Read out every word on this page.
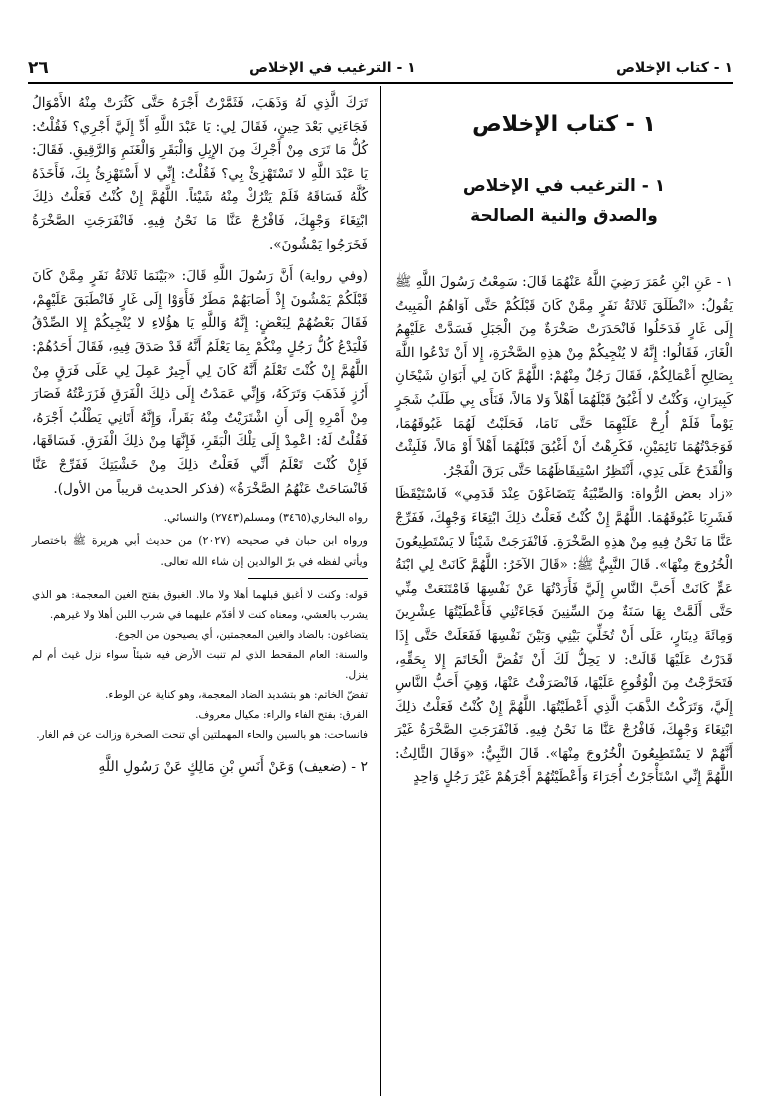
١ - كتاب الإخلاص
١ - الترغيب في الإخلاص
٢٦
١ - كتاب الإخلاص
١ - الترغيب في الإخلاص
والصدق والنية الصالحة

١ - عَنِ ابْنِ عُمَرَ رَضِيَ اللَّهُ عَنْهُمَا قَالَ: سَمِعْتُ رَسُولَ اللَّهِ ﷺ يَقُولُ: «انْطَلَقَ ثَلاثَةُ نَفَرٍ مِمَّنْ كَانَ قَبْلَكُمْ حَتَّى آوَاهُمُ الْمَبِيتُ إِلَى غَارٍ فَدَخَلُوا فَانْحَدَرَتْ صَخْرَةٌ مِنَ الْجَبَلِ فَسَدَّتْ عَلَيْهِمُ الْغَارَ، فَقَالُوا: إِنَّهُ لا يُنْجِيكُمْ مِنْ هذِهِ الصَّخْرَةِ، إِلا أَنْ تَدْعُوا اللَّهَ بِصَالِحِ أَعْمَالِكُمْ، فَقَالَ رَجُلٌ مِنْهُمْ: اللَّهُمَّ كَانَ لِي أَبَوَانِ شَيْخَانِ كَبِيرَانِ، وَكُنْتُ لا أَغْبُقُ قَبْلَهُمَا أَهْلاً وَلا مَالاً، فَنَأَى بِي طَلَبُ شَجَرٍ يَوْماً فَلَمْ أُرِحْ عَلَيْهِمَا حَتَّى نَامَا، فَحَلَبْتُ لَهُمَا غَبُوقَهُمَا، فَوَجَدْتُهُمَا نَائِمَيْنِ، فَكَرِهْتُ أَنْ أَغْبُقَ قَبْلَهُمَا أَهْلاً أَوْ مَالاً، فَلَبِثْتُ وَالْقَدَحُ عَلَى يَدِي، أَنْتَظِرُ اسْتِيقَاظَهُمَا حَتَّى بَرَقَ الْفَجْرُ.

«زاد بعض الرُّواة: وَالصِّبْيَةُ يَتَضَاغَوْنَ عِنْدَ قَدَمِي» فَاسْتَيْقَظَا فَشَرِبَا غَبُوقَهُمَا. اللَّهُمَّ إِنْ كُنْتُ فَعَلْتُ ذلِكَ ابْتِغَاءَ وَجْهِكَ، فَفَرِّجْ عَنَّا مَا نَحْنُ فِيهِ مِنْ هذِهِ الصَّخْرَةِ. فَانْفَرَجَتْ شَيْئاً لا يَسْتَطِيعُونَ الْخُرُوجَ مِنْهَا». قَالَ النَّبِيُّ ﷺ: «قَالَ الآخَرُ: اللَّهُمَّ كَانَتْ لِي ابْنَةُ عَمٍّ كَانَتْ أَحَبَّ النَّاسِ إِلَيَّ فَأَرَدْتُهَا عَنْ نَفْسِهَا فَامْتَنَعَتْ مِنِّي حَتَّى أَلَمَّتْ بِهَا سَنَةٌ مِنَ السِّنِينَ فَجَاءَتْنِي فَأَعْطَيْتُهَا عِشْرِينَ وَمِائَةَ دِينَارٍ، عَلَى أَنْ تُخَلِّيَ بَيْنِي وَبَيْنَ نَفْسِهَا فَفَعَلَتْ حَتَّى إِذَا قَدَرْتُ عَلَيْهَا قَالَتْ: لا يَحِلُّ لَكَ أَنْ تَفُضَّ الْخَاتَمَ إِلا بِحَقِّهِ، فَتَحَرَّجْتُ مِنَ الْوُقُوعِ عَلَيْهَا، فَانْصَرَفْتُ عَنْهَا، وَهِيَ أَحَبُّ النَّاسِ إِلَيَّ، وَتَرَكْتُ الذَّهَبَ الَّذِي أَعْطَيْتُهَا. اللَّهُمَّ إِنْ كُنْتُ فَعَلْتُ ذلِكَ ابْتِغَاءَ وَجْهِكَ، فَافْرُجْ عَنَّا مَا نَحْنُ فِيهِ. فَانْفَرَجَتِ الصَّخْرَةُ غَيْرَ أَنَّهُمْ لا يَسْتَطِيعُونَ الْخُرُوجَ مِنْهَا». قَالَ النَّبِيُّ: «وَقَالَ الثَّالِثُ: اللَّهُمَّ إِنِّي اسْتَأْجَرْتُ أُجَرَاءَ وَأَعْطَيْتُهُمْ أَجْرَهُمْ غَيْرَ رَجُلٍ وَاحِدٍ

تَرَكَ الَّذِي لَهُ وَذَهَبَ، فَثَمَّرْتُ أَجْرَهُ حَتَّى كَثُرَتْ مِنْهُ الأَمْوَالُ فَجَاءَنِي بَعْدَ حِينٍ، فَقَالَ لِي: يَا عَبْدَ اللَّهِ أَدِّ إِلَيَّ أَجْرِي؟ فَقُلْتُ: كُلُّ مَا تَرَى مِنْ أَجْرِكَ مِنَ الإِبِلِ وَالْبَقَرِ وَالْغَنَمِ وَالرَّقِيقِ. فَقَالَ: يَا عَبْدَ اللَّهِ لا تَسْتَهْزِئْ بِي؟ فَقُلْتُ: إِنِّي لا أَسْتَهْزِئُ بِكَ، فَأَخَذَهُ كُلَّهُ فَسَاقَهُ فَلَمْ يَتْرُكْ مِنْهُ شَيْئاً. اللَّهُمَّ إِنْ كُنْتُ فَعَلْتُ ذلِكَ ابْتِغَاءَ وَجْهِكَ، فَافْرُجْ عَنَّا مَا نَحْنُ فِيهِ. فَانْفَرَجَتِ الصَّخْرَةُ فَخَرَجُوا يَمْشُونَ».

(وفي رواية) أَنَّ رَسُولَ اللَّهِ قَالَ: «بَيْنَمَا ثَلاثَةُ نَفَرٍ مِمَّنْ كَانَ قَبْلَكُمْ يَمْشُونَ إِذْ أَصَابَهُمْ مَطَرٌ فَأَوَوْا إِلَى غَارٍ فَانْطَبَقَ عَلَيْهِمْ، فَقَالَ بَعْضُهُمْ لِبَعْضٍ: إِنَّهُ وَاللَّهِ يَا هؤُلاءِ لا يُنْجِيكُمْ إِلا الصِّدْقُ فَلْيَدْعُ كُلُّ رَجُلٍ مِنْكُمْ بِمَا يَعْلَمُ أَنَّهُ قَدْ صَدَقَ فِيهِ، فَقَالَ أَحَدُهُمْ: اللَّهُمَّ إِنْ كُنْتَ تَعْلَمُ أَنَّهُ كَانَ لِي أَجِيرٌ عَمِلَ لِي عَلَى فَرَقٍ مِنْ أَرُزٍ فَذَهَبَ وَتَرَكَهُ، وَإِنِّي عَمَدْتُ إِلَى ذلِكَ الْفَرَقِ فَزَرَعْتُهُ فَصَارَ مِنْ أَمْرِهِ إِلَى أَنِ اشْتَرَيْتُ مِنْهُ بَقَراً، وَإِنَّهُ أَتَانِي يَطْلُبُ أَجْرَهُ، فَقُلْتُ لَهُ: اعْمِدْ إِلَى تِلْكَ الْبَقَرِ، فَإِنَّهَا مِنْ ذلِكَ الْفَرَقِ. فَسَاقَهَا، فَإِنْ كُنْتَ تَعْلَمُ أَنِّي فَعَلْتُ ذلِكَ مِنْ خَشْيَتِكَ فَفَرِّجْ عَنَّا فَانْسَاحَتْ عَنْهُمُ الصَّخْرَةُ» (فذكر الحديث قريباً من الأول).

رواه البخاري(٣٤٦٥) ومسلم(٢٧٤٣) والنسائي.

ورواه ابن حبان في صحيحه (٢٠٢٧) من حديث أبي هريرة ﷺ باختصار ويأتي لفظه في برّ الوالدين إن شاء الله تعالى.

قوله: وكنت لا أغبق قبلهما أهلا ولا مالا. الغبوق بفتح الغين المعجمة: هو الذي يشرب بالعشي، ومعناه كنت لا أقدّم عليهما في شرب اللبن أهلا ولا غيرهم.

يتضاغون: بالضاد والغين المعجمتين، أي يصيحون من الجوع.

والسنة: العام المقحط الذي لم تنبت الأرض فيه شيئاً سواء نزل غيث أم لم ينزل.

تفضّ الخاتم: هو بتشديد الضاد المعجمة، وهو كناية عن الوطء.

الفرق: بفتح الفاء والراء: مكيال معروف.

فانساحت: هو بالسين والحاء المهملتين أي تنحت الصخرة وزالت عن فم الغار.

٢ - (ضعيف) وَعَنْ أَنَسِ بْنِ مَالِكٍ عَنْ رَسُولِ اللَّهِ
